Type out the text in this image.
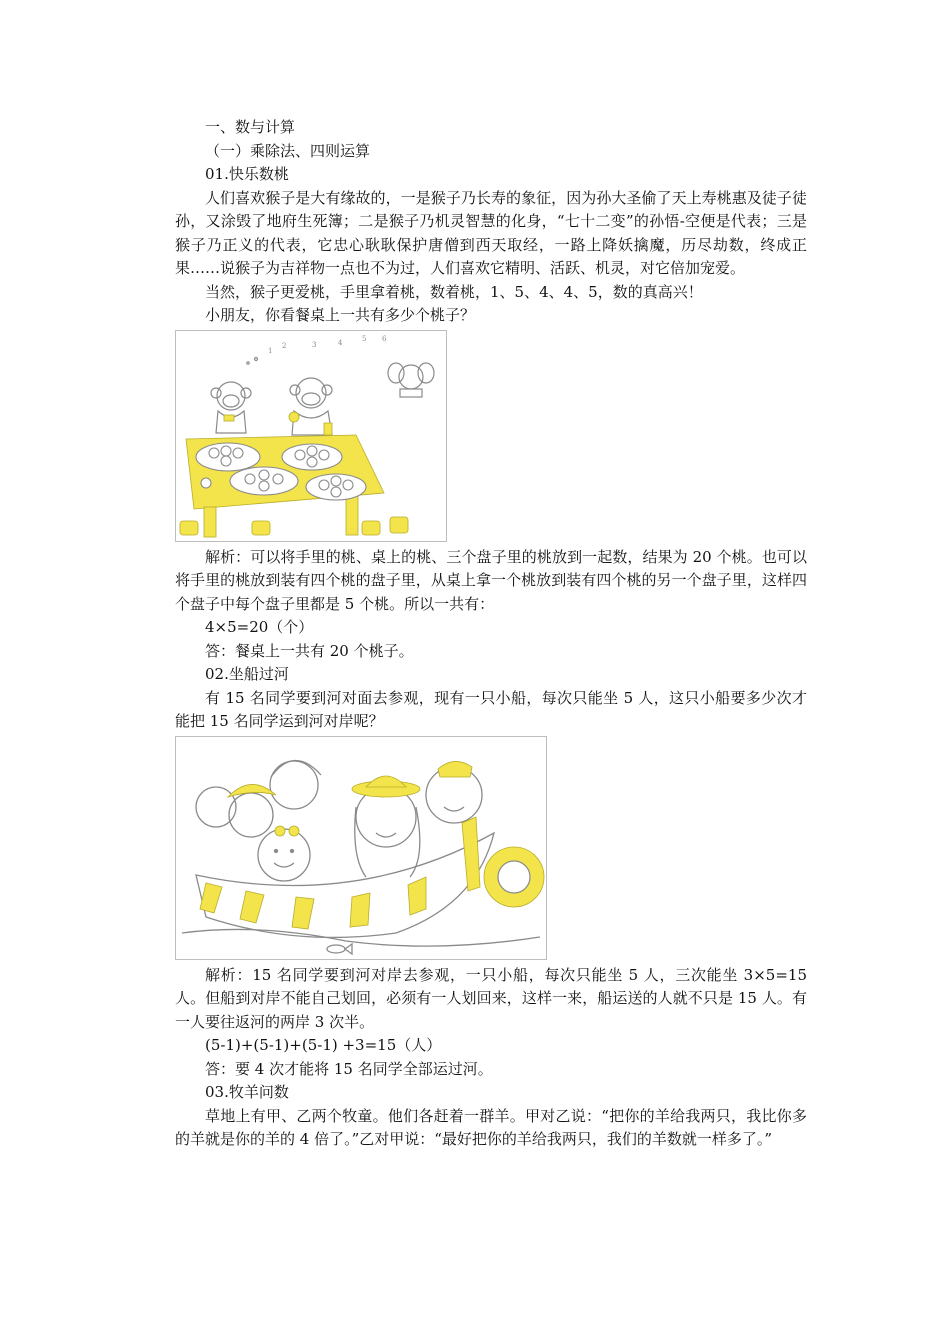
一、数与计算

（一）乘除法、四则运算

01.快乐数桃

人们喜欢猴子是大有缘故的，一是猴子乃长寿的象征，因为孙大圣偷了天上寿桃惠及徒子徒孙，又涂毁了地府生死簿；二是猴子乃机灵智慧的化身，“七十二变”的孙悟-空便是代表；三是猴子乃正义的代表，它忠心耿耿保护唐僧到西天取经，一路上降妖擒魔，历尽劫数，终成正果……说猴子为吉祥物一点也不为过，人们喜欢它精明、活跃、机灵，对它倍加宠爱。

当然，猴子更爱桃，手里拿着桃，数着桃，1、5、4、4、5，数的真高兴！

小朋友，你看餐桌上一共有多少个桃子？

1
2	3	4	5 6

解析：可以将手里的桃、桌上的桃、三个盘子里的桃放到一起数，结果为 20 个桃。也可以将手里的桃放到装有四个桃的盘子里，从桌上拿一个桃放到装有四个桃的另一个盘子里，这样四个盘子中每个盘子里都是 5 个桃。所以一共有：

4×5=20（个）

答：餐桌上一共有 20 个桃子。

02.坐船过河

有 15 名同学要到河对面去参观，现有一只小船，每次只能坐 5 人，这只小船要多少次才能把 15 名同学运到河对岸呢？

解析：15 名同学要到河对岸去参观，一只小船，每次只能坐 5 人，三次能坐 3×5=15 人。但船到对岸不能自己划回，必须有一人划回来，这样一来，船运送的人就不只是 15 人。有一人要往返河的两岸 3 次半。

(5-1)+(5-1)+(5-1) +3=15（人）

答：要 4 次才能将 15 名同学全部运过河。

03.牧羊问数

草地上有甲、乙两个牧童。他们各赶着一群羊。甲对乙说：“把你的羊给我两只，我比你多的羊就是你的羊的 4 倍了。”乙对甲说：“最好把你的羊给我两只，我们的羊数就一样多了。”
